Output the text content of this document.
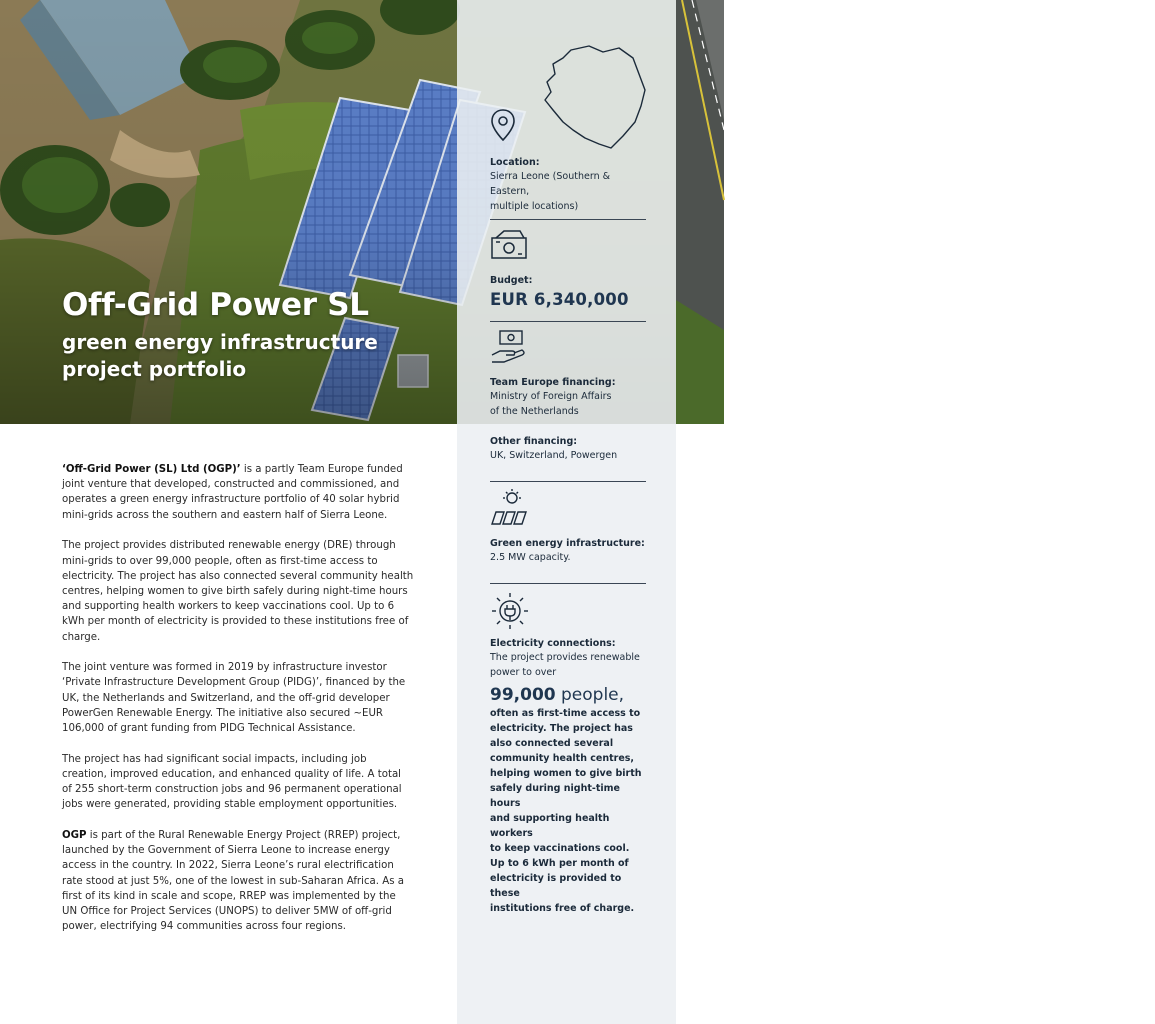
Off-Grid Power SL
green energy infrastructure
project portfolio
Location:
Sierra Leone (Southern & Eastern,
multiple locations)
Budget:
EUR 6,340,000
Team Europe financing:
Ministry of Foreign Affairs
of the Netherlands
Other financing:
UK, Switzerland, Powergen
Green energy infrastructure:
2.5 MW capacity.
Electricity connections:
The project provides renewable
power to over
99,000 people,
often as first-time access to
electricity. The project has
also connected several
community health centres,
helping women to give birth
safely during night-time hours
and supporting health workers
to keep vaccinations cool.
Up to 6 kWh per month of
electricity is provided to these
institutions free of charge.
Birds eye view of mini grid in rural Sierra Leone

‘Off-Grid Power (SL) Ltd (OGP)’ is a partly Team Europe funded joint venture that developed, constructed and commissioned, and operates a green energy infrastructure portfolio of 40 solar hybrid mini-grids across the southern and eastern half of Sierra Leone.

The project provides distributed renewable energy (DRE) through mini-grids to over 99,000 people, often as first-time access to electricity. The project has also connected several community health centres, helping women to give birth safely during night-time hours and supporting health workers to keep vaccinations cool. Up to 6 kWh per month of electricity is provided to these institutions free of charge.

The joint venture was formed in 2019 by infrastructure investor ‘Private Infrastructure Development Group (PIDG)’, financed by the UK, the Netherlands and Switzerland, and the off-grid developer PowerGen Renewable Energy. The initiative also secured ~EUR 106,000 of grant funding from PIDG Technical Assistance.

The project has had significant social impacts, including job creation, improved education, and enhanced quality of life. A total of 255 short-term construction jobs and 96 permanent operational jobs were generated, providing stable employment opportunities.

OGP is part of the Rural Renewable Energy Project (RREP) project, launched by the Government of Sierra Leone to increase energy access in the country. In 2022, Sierra Leone’s rural electrification rate stood at just 5%, one of the lowest in sub-Saharan Africa. As a first of its kind in scale and scope, RREP was implemented by the UN Office for Project Services (UNOPS) to deliver 5MW of off-grid power, electrifying 94 communities across four regions.
